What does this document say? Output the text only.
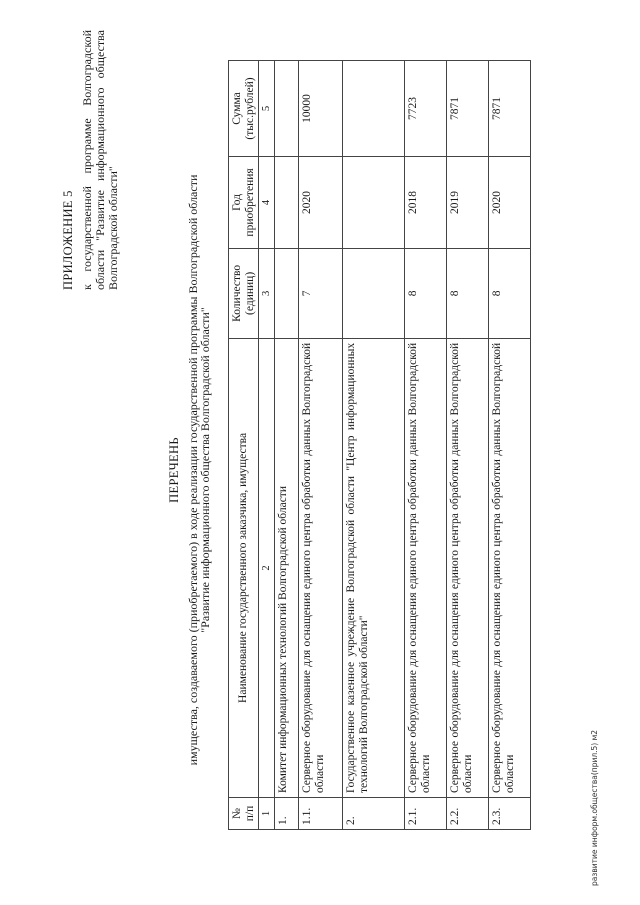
ПРИЛОЖЕНИЕ 5 к государственной программе Волгоградской области "Развитие информационного общества Волгоградской области"
ПЕРЕЧЕНЬ имущества, создаваемого (приобретаемого) в ходе реализации государственной программы Волгоградской области
"Развитие информационного общества Волгоградской области"
№ п/п	Наименование государственного заказчика, имущества	Количество (единиц)	Год приобретения	Сумма (тыс.рублей)
1	2	3	4	5
1.	Комитет информационных технологий Волгоградской области			
1.1.	Серверное оборудование для оснащения единого центра обработки данных Волгоградской области	7	2020	10000
2.	Государственное казенное учреждение Волгоградской области "Центр информационных технологий Волгоградской области"			
2.1.	Серверное оборудование для оснащения единого центра обработки данных Волгоградской области	8	2018	7723
2.2.	Серверное оборудование для оснащения единого центра обработки данных Волгоградской области	8	2019	7871
2.3.	Серверное оборудование для оснащения единого центра обработки данных Волгоградской области	8	2020	7871
развитие информ.общества(прил.5) м2
